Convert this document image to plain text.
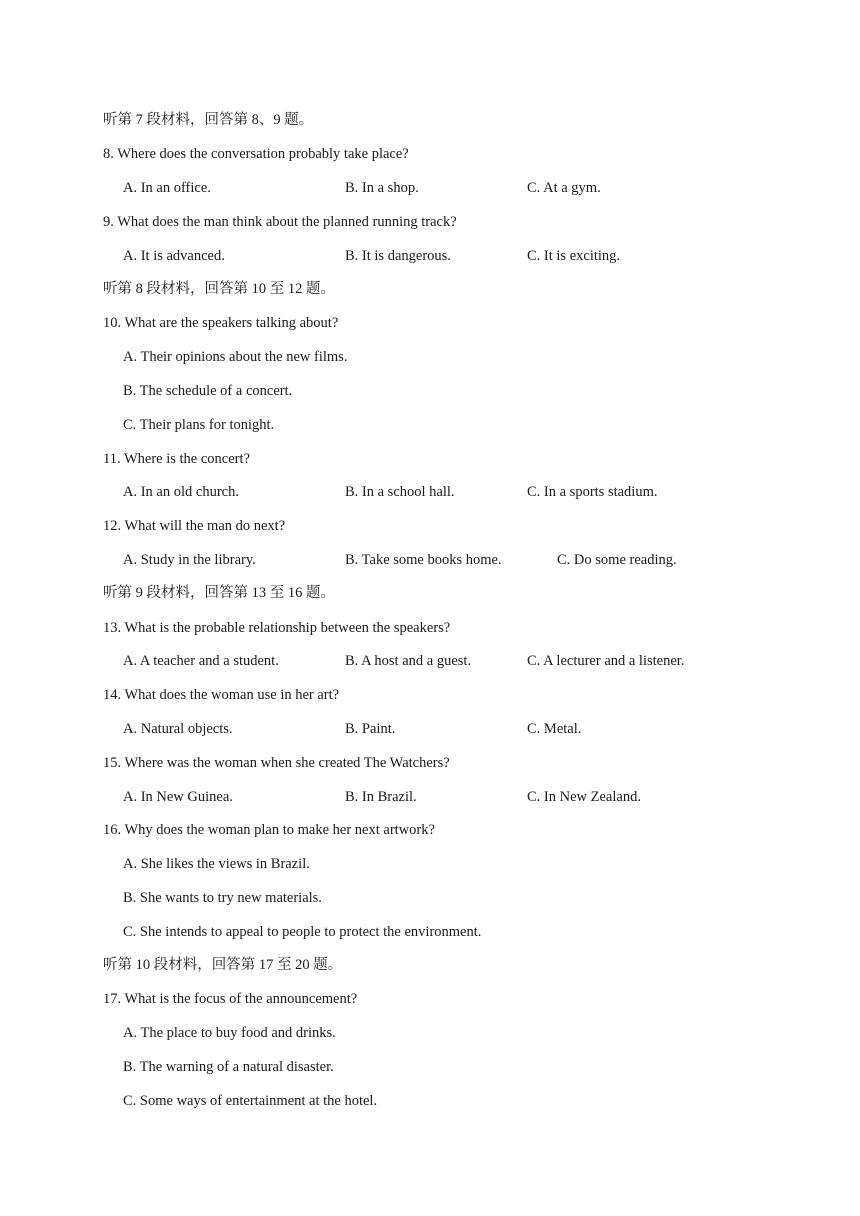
听第 7 段材料，回答第 8、9 题。
8. Where does the conversation probably take place?
A. In an office.	B. In a shop.	C. At a gym.
9. What does the man think about the planned running track?
A. It is advanced.	B. It is dangerous.	C. It is exciting.
听第 8 段材料，回答第 10 至 12 题。
10. What are the speakers talking about?
A. Their opinions about the new films.
B. The schedule of a concert.
C. Their plans for tonight.
11. Where is the concert?
A. In an old church.	B. In a school hall.	C. In a sports stadium.
12. What will the man do next?
A. Study in the library.	B. Take some books home.	C. Do some reading.
听第 9 段材料，回答第 13 至 16 题。
13. What is the probable relationship between the speakers?
A. A teacher and a student.	B. A host and a guest.	C. A lecturer and a listener.
14. What does the woman use in her art?
A. Natural objects.	B. Paint.	C. Metal.
15. Where was the woman when she created The Watchers?
A. In New Guinea.	B. In Brazil.	C. In New Zealand.
16. Why does the woman plan to make her next artwork?
A. She likes the views in Brazil.
B. She wants to try new materials.
C. She intends to appeal to people to protect the environment.
听第 10 段材料，回答第 17 至 20 题。
17. What is the focus of the announcement?
A. The place to buy food and drinks.
B. The warning of a natural disaster.
C. Some ways of entertainment at the hotel.
